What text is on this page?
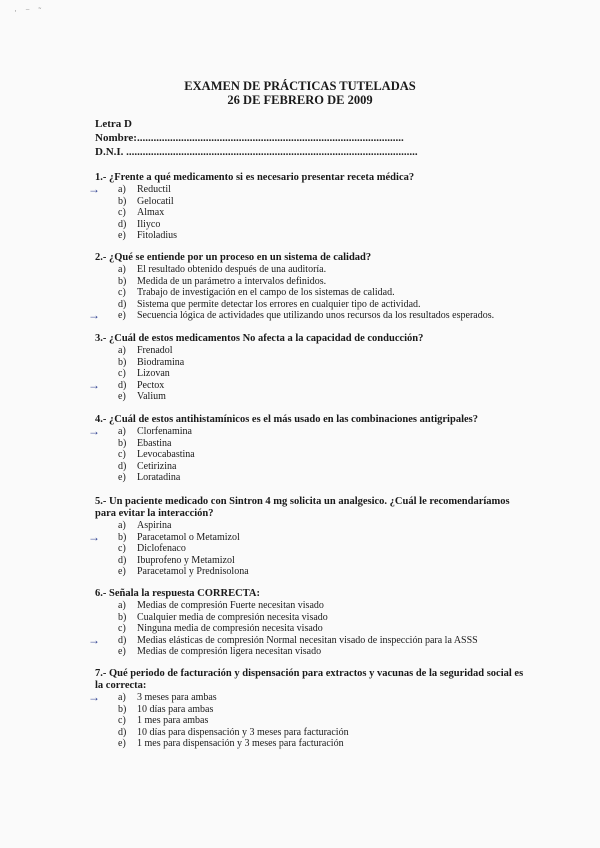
· ⁻ ˜
EXAMEN DE PRÁCTICAS TUTELADAS
26 DE FEBRERO DE 2009
Letra D
Nombre:.................................................................................................
D.N.I. ..........................................................................................................
1.- ¿Frente a qué medicamento si es necesario presentar receta médica?
→ a) Reductil
b) Gelocatil
c) Almax
d) Iliyco
e) Fitoladius
2.- ¿Qué se entiende por un proceso en un sistema de calidad?
a) El resultado obtenido después de una auditoría.
b) Medida de un parámetro a intervalos definidos.
c) Trabajo de investigación en el campo de los sistemas de calidad.
d) Sistema que permite detectar los errores en cualquier tipo de actividad.
→ e) Secuencia lógica de actividades que utilizando unos recursos da los resultados esperados.
3.- ¿Cuál de estos medicamentos No afecta a la capacidad de conducción?
a) Frenadol
b) Biodramina
c) Lizovan
→ d) Pectox
e) Valium
4.- ¿Cuál de estos antihistamínicos es el más usado en las combinaciones antigripales?
→ a) Clorfenamina
b) Ebastina
c) Levocabastina
d) Cetirizina
e) Loratadina
5.- Un paciente medicado con Sintron 4 mg solicita un analgesico. ¿Cuál le recomendaríamos para evitar la interacción?
a) Aspirina
→ b) Paracetamol o Metamizol
c) Diclofenaco
d) Ibuprofeno y Metamizol
e) Paracetamol y Prednisolona
6.- Señala la respuesta CORRECTA:
a) Medias de compresión Fuerte necesitan visado
b) Cualquier media de compresión necesita visado
c) Ninguna media de compresión necesita visado
→ d) Medias elásticas de compresión Normal necesitan visado de inspección para la ASSS
e) Medias de compresión ligera necesitan visado
7.- Qué periodo de facturación y dispensación para extractos y vacunas de la seguridad social es la correcta:
→ a) 3 meses para ambas
b) 10 días para ambas
c) 1 mes para ambas
d) 10 días para dispensación y 3 meses para facturación
e) 1 mes para dispensación y 3 meses para facturación
